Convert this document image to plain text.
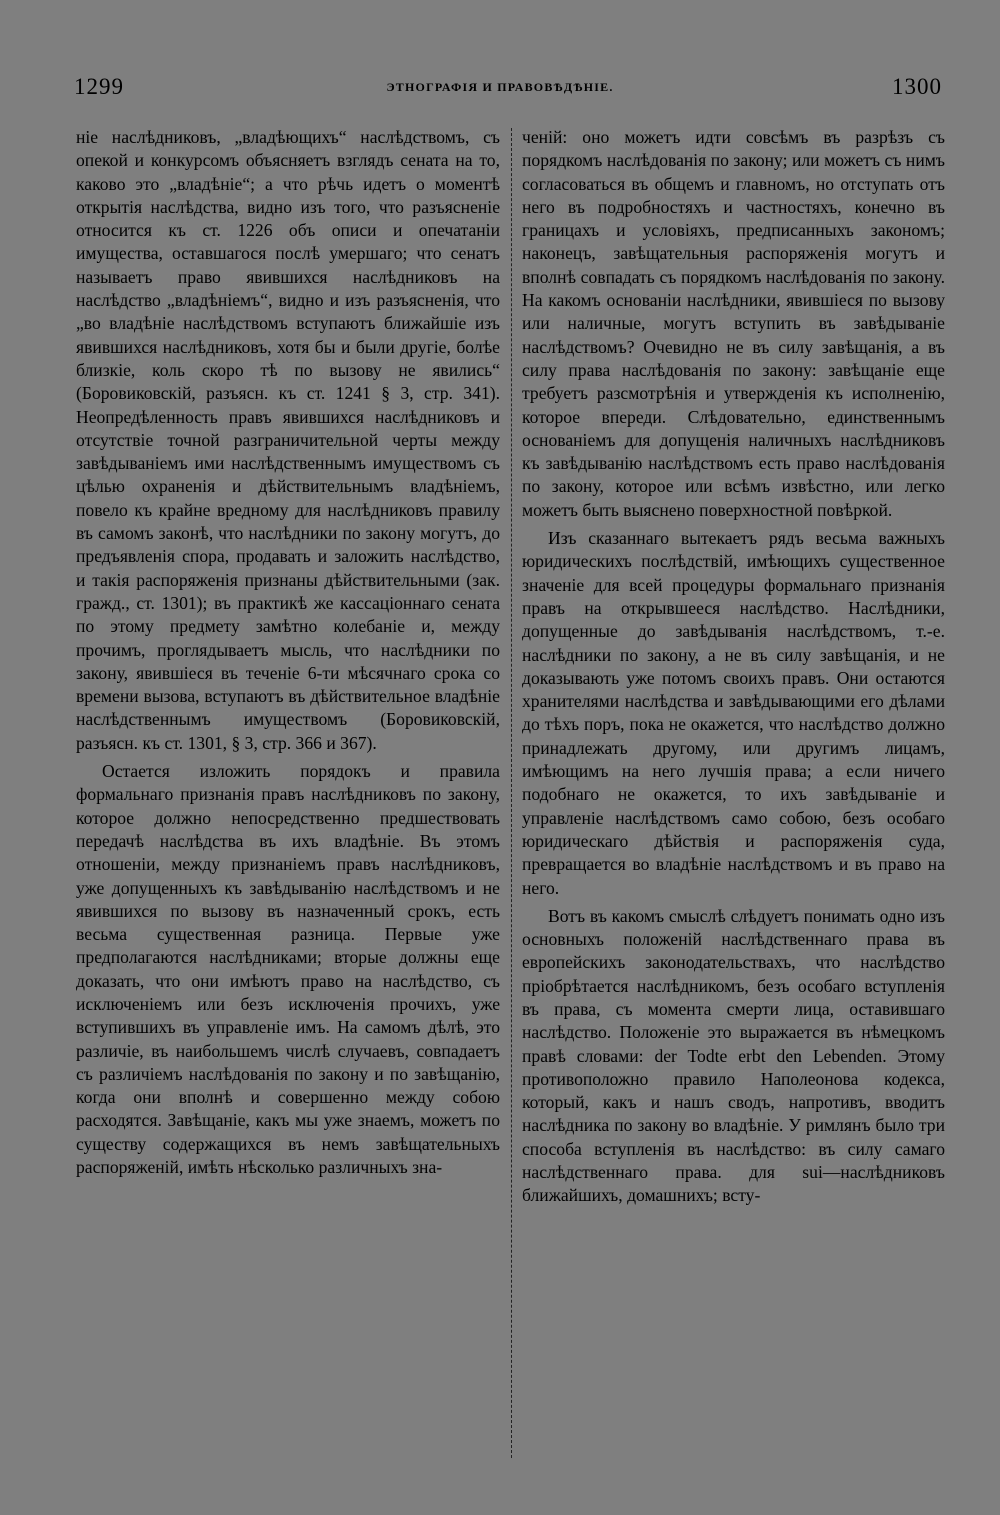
1299	ЭТНОГРАФІЯ И ПРАВОВѢДѢНІЕ.	1300

ніе наслѣдниковъ, „владѣющихъ“ наслѣдствомъ, съ опекой и конкурсомъ объясняетъ взглядъ сената на то, каково это „владѣніе“; а что рѣчь идетъ о моментѣ открытія наслѣдства, видно изъ того, что разъясненіе относится къ ст. 1226 объ описи и опечатаніи имущества, оставшагося послѣ умершаго; что сенатъ называетъ право явившихся наслѣдниковъ на наслѣдство „владѣніемъ“, видно и изъ разъясненія, что „во владѣніе наслѣдствомъ вступаютъ ближайшіе изъ явившихся наслѣдниковъ, хотя бы и были другіе, болѣе близкіе, коль скоро тѣ по вызову не явились“ (Боровиковскій, разъясн. къ ст. 1241 § 3, стр. 341). Неопредѣленность правъ явившихся наслѣдниковъ и отсутствіе точной разграничительной черты между завѣдываніемъ ими наслѣдственнымъ имуществомъ съ цѣлью охраненія и дѣйствительнымъ владѣніемъ, повело къ крайне вредному для наслѣдниковъ правилу въ самомъ законѣ, что наслѣдники по закону могутъ, до предъявленія спора, продавать и заложить наслѣдство, и такія распоряженія признаны дѣйствительными (зак. гражд., ст. 1301); въ практикѣ же кассаціоннаго сената по этому предмету замѣтно колебаніе и, между прочимъ, проглядываетъ мысль, что наслѣдники по закону, явившіеся въ теченіе 6-ти мѣсячнаго срока со времени вызова, вступаютъ въ дѣйствительное владѣніе наслѣдственнымъ имуществомъ (Боровиковскій, разъясн. къ ст. 1301, § 3, стр. 366 и 367).

Остается изложить порядокъ и правила формальнаго признанія правъ наслѣдниковъ по закону, которое должно непосредственно предшествовать передачѣ наслѣдства въ ихъ владѣніе. Въ этомъ отношеніи, между признаніемъ правъ наслѣдниковъ, уже допущенныхъ къ завѣдыванію наслѣдствомъ и не явившихся по вызову въ назначенный срокъ, есть весьма существенная разница. Первые уже предполагаются наслѣдниками; вторые должны еще доказать, что они имѣютъ право на наслѣдство, съ исключеніемъ или безъ исключенія прочихъ, уже вступившихъ въ управленіе имъ. На самомъ дѣлѣ, это различіе, въ наибольшемъ числѣ случаевъ, совпадаетъ съ различіемъ наслѣдованія по закону и по завѣщанію, когда они вполнѣ и совершенно между собою расходятся. Завѣщаніе, какъ мы уже знаемъ, можетъ по существу содержащихся въ немъ завѣщательныхъ распоряженій, имѣть нѣсколько различныхъ зна-

ченій: оно можетъ идти совсѣмъ въ разрѣзъ съ порядкомъ наслѣдованія по закону; или можетъ съ нимъ согласоваться въ общемъ и главномъ, но отступать отъ него въ подробностяхъ и частностяхъ, конечно въ границахъ и условіяхъ, предписанныхъ закономъ; наконецъ, завѣщательныя распоряженія могутъ и вполнѣ совпадать съ порядкомъ наслѣдованія по закону. На какомъ основаніи наслѣдники, явившіеся по вызову или наличные, могутъ вступить въ завѣдываніе наслѣдствомъ? Очевидно не въ силу завѣщанія, а въ силу права наслѣдованія по закону: завѣщаніе еще требуетъ разсмотрѣнія и утвержденія къ исполненію, которое впереди. Слѣдовательно, единственнымъ основаніемъ для допущенія наличныхъ наслѣдниковъ къ завѣдыванію наслѣдствомъ есть право наслѣдованія по закону, которое или всѣмъ извѣстно, или легко можетъ быть выяснено поверхностной повѣркой.

Изъ сказаннаго вытекаетъ рядъ весьма важныхъ юридическихъ послѣдствій, имѣющихъ существенное значеніе для всей процедуры формальнаго признанія правъ на открывшееся наслѣдство. Наслѣдники, допущенные до завѣдыванія наслѣдствомъ, т.-е. наслѣдники по закону, а не въ силу завѣщанія, и не доказывають уже потомъ своихъ правъ. Они остаются хранителями наслѣдства и завѣдывающими его дѣлами до тѣхъ поръ, пока не окажется, что наслѣдство должно принадлежать другому, или другимъ лицамъ, имѣющимъ на него лучшія права; а если ничего подобнаго не окажется, то ихъ завѣдываніе и управленіе наслѣдствомъ само собою, безъ особаго юридическаго дѣйствія и распоряженія суда, превращается во владѣніе наслѣдствомъ и въ право на него.

Вотъ въ какомъ смыслѣ слѣдуетъ понимать одно изъ основныхъ положеній наслѣдственнаго права въ европейскихъ законодательствахъ, что наслѣдство пріобрѣтается наслѣдникомъ, безъ особаго вступленія въ права, съ момента смерти лица, оставившаго наслѣдство. Положеніе это выражается въ нѣмецкомъ правѣ словами: der Todte erbt den Lebenden. Этому противоположно правило Наполеонова кодекса, который, какъ и нашъ сводъ, напротивъ, вводитъ наслѣдника по закону во владѣніе. У римлянъ было три способа вступленія въ наслѣдство: въ силу самаго наслѣдственнаго права. для sui—наслѣдниковъ ближайшихъ, домашнихъ; всту-
